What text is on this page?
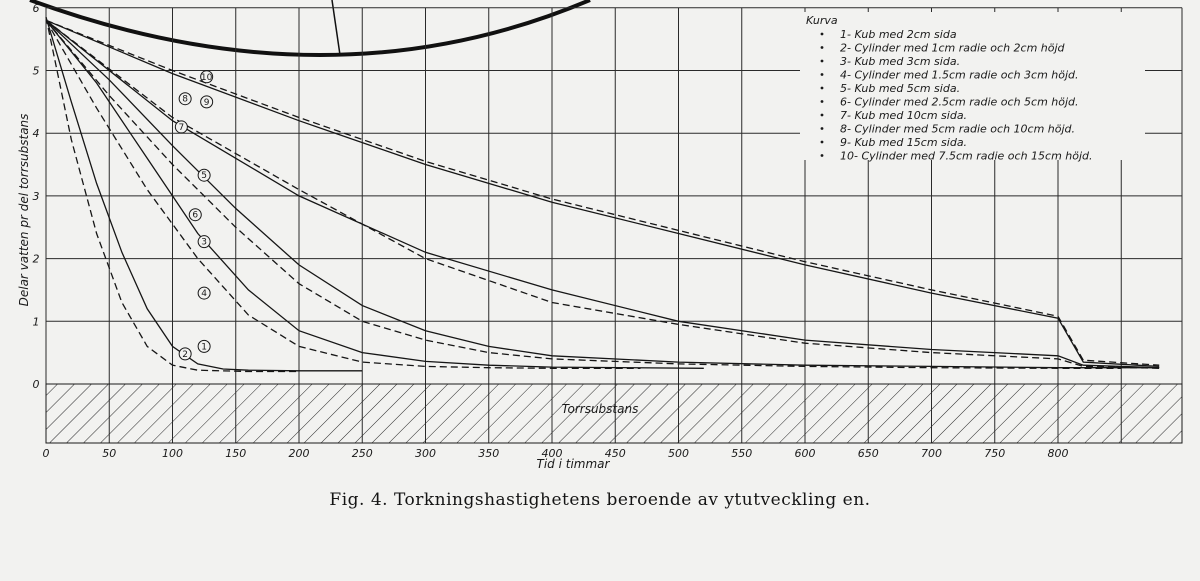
Torrsubstans
1
2
3
4
5
6
7
8 9
10
0	50	100	150	200	250	300	350	400	450	500	550	600	650	700	750	800
0
1
2
3
4
5
6
Tid i timmar
Delar vatten pr del torrsubstans
Kurva
1- Kub med 2cm sida
2- Cylinder med 1cm radie och 2cm höjd
3- Kub med 3cm sida.
4- Cylinder med 1.5cm radie och 3cm höjd.
5- Kub med 5cm sida.
6- Cylinder med 2.5cm radie och 5cm höjd.
7- Kub med 10cm sida.
8- Cylinder med 5cm radie och 10cm höjd.
9- Kub med 15cm sida.
10- Cylinder med 7.5cm radie och 15cm höjd.
Fig. 4. Torkningshastighetens beroende av ytutveckling en.
